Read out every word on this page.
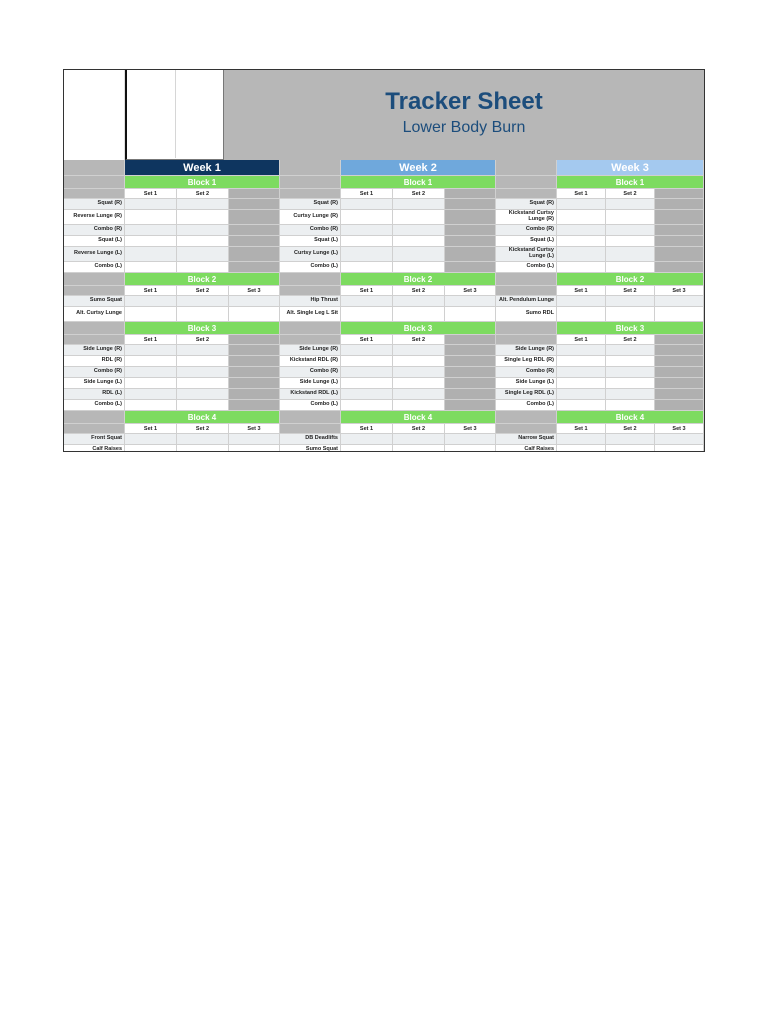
Tracker Sheet
Lower Body Burn
Week 1	Week 2	Week 3
Block 1	Block 1	Block 1
Set 1	Set 2	Set 1	Set 2	Set 1	Set 2
Squat (R)	Squat (R)	Squat (R)
Reverse Lunge (R)	Curtsy Lunge (R)	Kickstand Curtsy Lunge (R)
Combo (R)	Combo (R)	Combo (R)
Squat (L)	Squat (L)	Squat (L)
Reverse Lunge (L)	Curtsy Lunge (L)	Kickstand Curtsy Lunge (L)
Combo (L)	Combo (L)	Combo (L)
Block 2	Block 2	Block 2
Set 1	Set 2	Set 3	Set 1	Set 2	Set 3	Set 1	Set 2	Set 3
Sumo Squat	Hip Thrust	Alt. Pendulum Lunge
Alt. Curtsy Lunge	Alt. Single Leg L Sit	Sumo RDL
Block 3	Block 3	Block 3
Set 1	Set 2	Set 1	Set 2	Set 1	Set 2
Side Lunge (R)	Side Lunge (R)	Side Lunge (R)
RDL (R)	Kickstand RDL (R)	Single Leg RDL (R)
Combo (R)	Combo (R)	Combo (R)
Side Lunge (L)	Side Lunge (L)	Side Lunge (L)
RDL (L)	Kickstand RDL (L)	Single Leg RDL (L)
Combo (L)	Combo (L)	Combo (L)
Block 4	Block 4	Block 4
Set 1	Set 2	Set 3	Set 1	Set 2	Set 3	Set 1	Set 2	Set 3
Front Squat	DB Deadlifts	Narrow Squat
Calf Raises	Sumo Squat	Calf Raises
